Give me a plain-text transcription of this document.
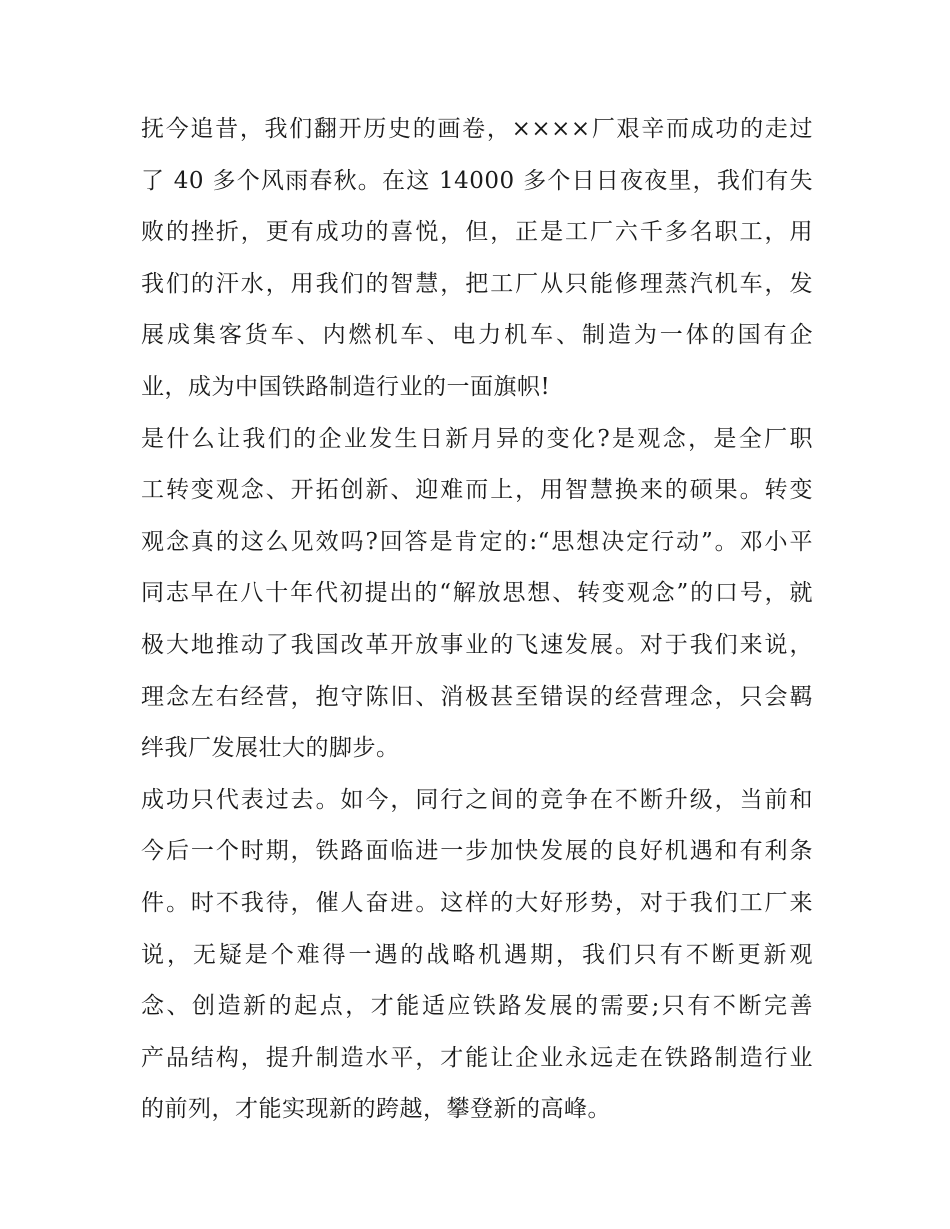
抚今追昔，我们翻开历史的画卷，××××厂艰辛而成功的走过
了 40 多个风雨春秋。在这 14000 多个日日夜夜里，我们有失
败的挫折，更有成功的喜悦，但，正是工厂六千多名职工，用
我们的汗水，用我们的智慧，把工厂从只能修理蒸汽机车，发
展成集客货车、内燃机车、电力机车、制造为一体的国有企
业，成为中国铁路制造行业的一面旗帜!
是什么让我们的企业发生日新月异的变化?是观念，是全厂职
工转变观念、开拓创新、迎难而上，用智慧换来的硕果。转变
观念真的这么见效吗?回答是肯定的:“思想决定行动”。邓小平
同志早在八十年代初提出的“解放思想、转变观念”的口号，就
极大地推动了我国改革开放事业的飞速发展。对于我们来说，
理念左右经营，抱守陈旧、消极甚至错误的经营理念，只会羁
绊我厂发展壮大的脚步。
成功只代表过去。如今，同行之间的竞争在不断升级，当前和
今后一个时期，铁路面临进一步加快发展的良好机遇和有利条
件。时不我待，催人奋进。这样的大好形势，对于我们工厂来
说，无疑是个难得一遇的战略机遇期，我们只有不断更新观
念、创造新的起点，才能适应铁路发展的需要;只有不断完善
产品结构，提升制造水平，才能让企业永远走在铁路制造行业
的前列，才能实现新的跨越，攀登新的高峰。
